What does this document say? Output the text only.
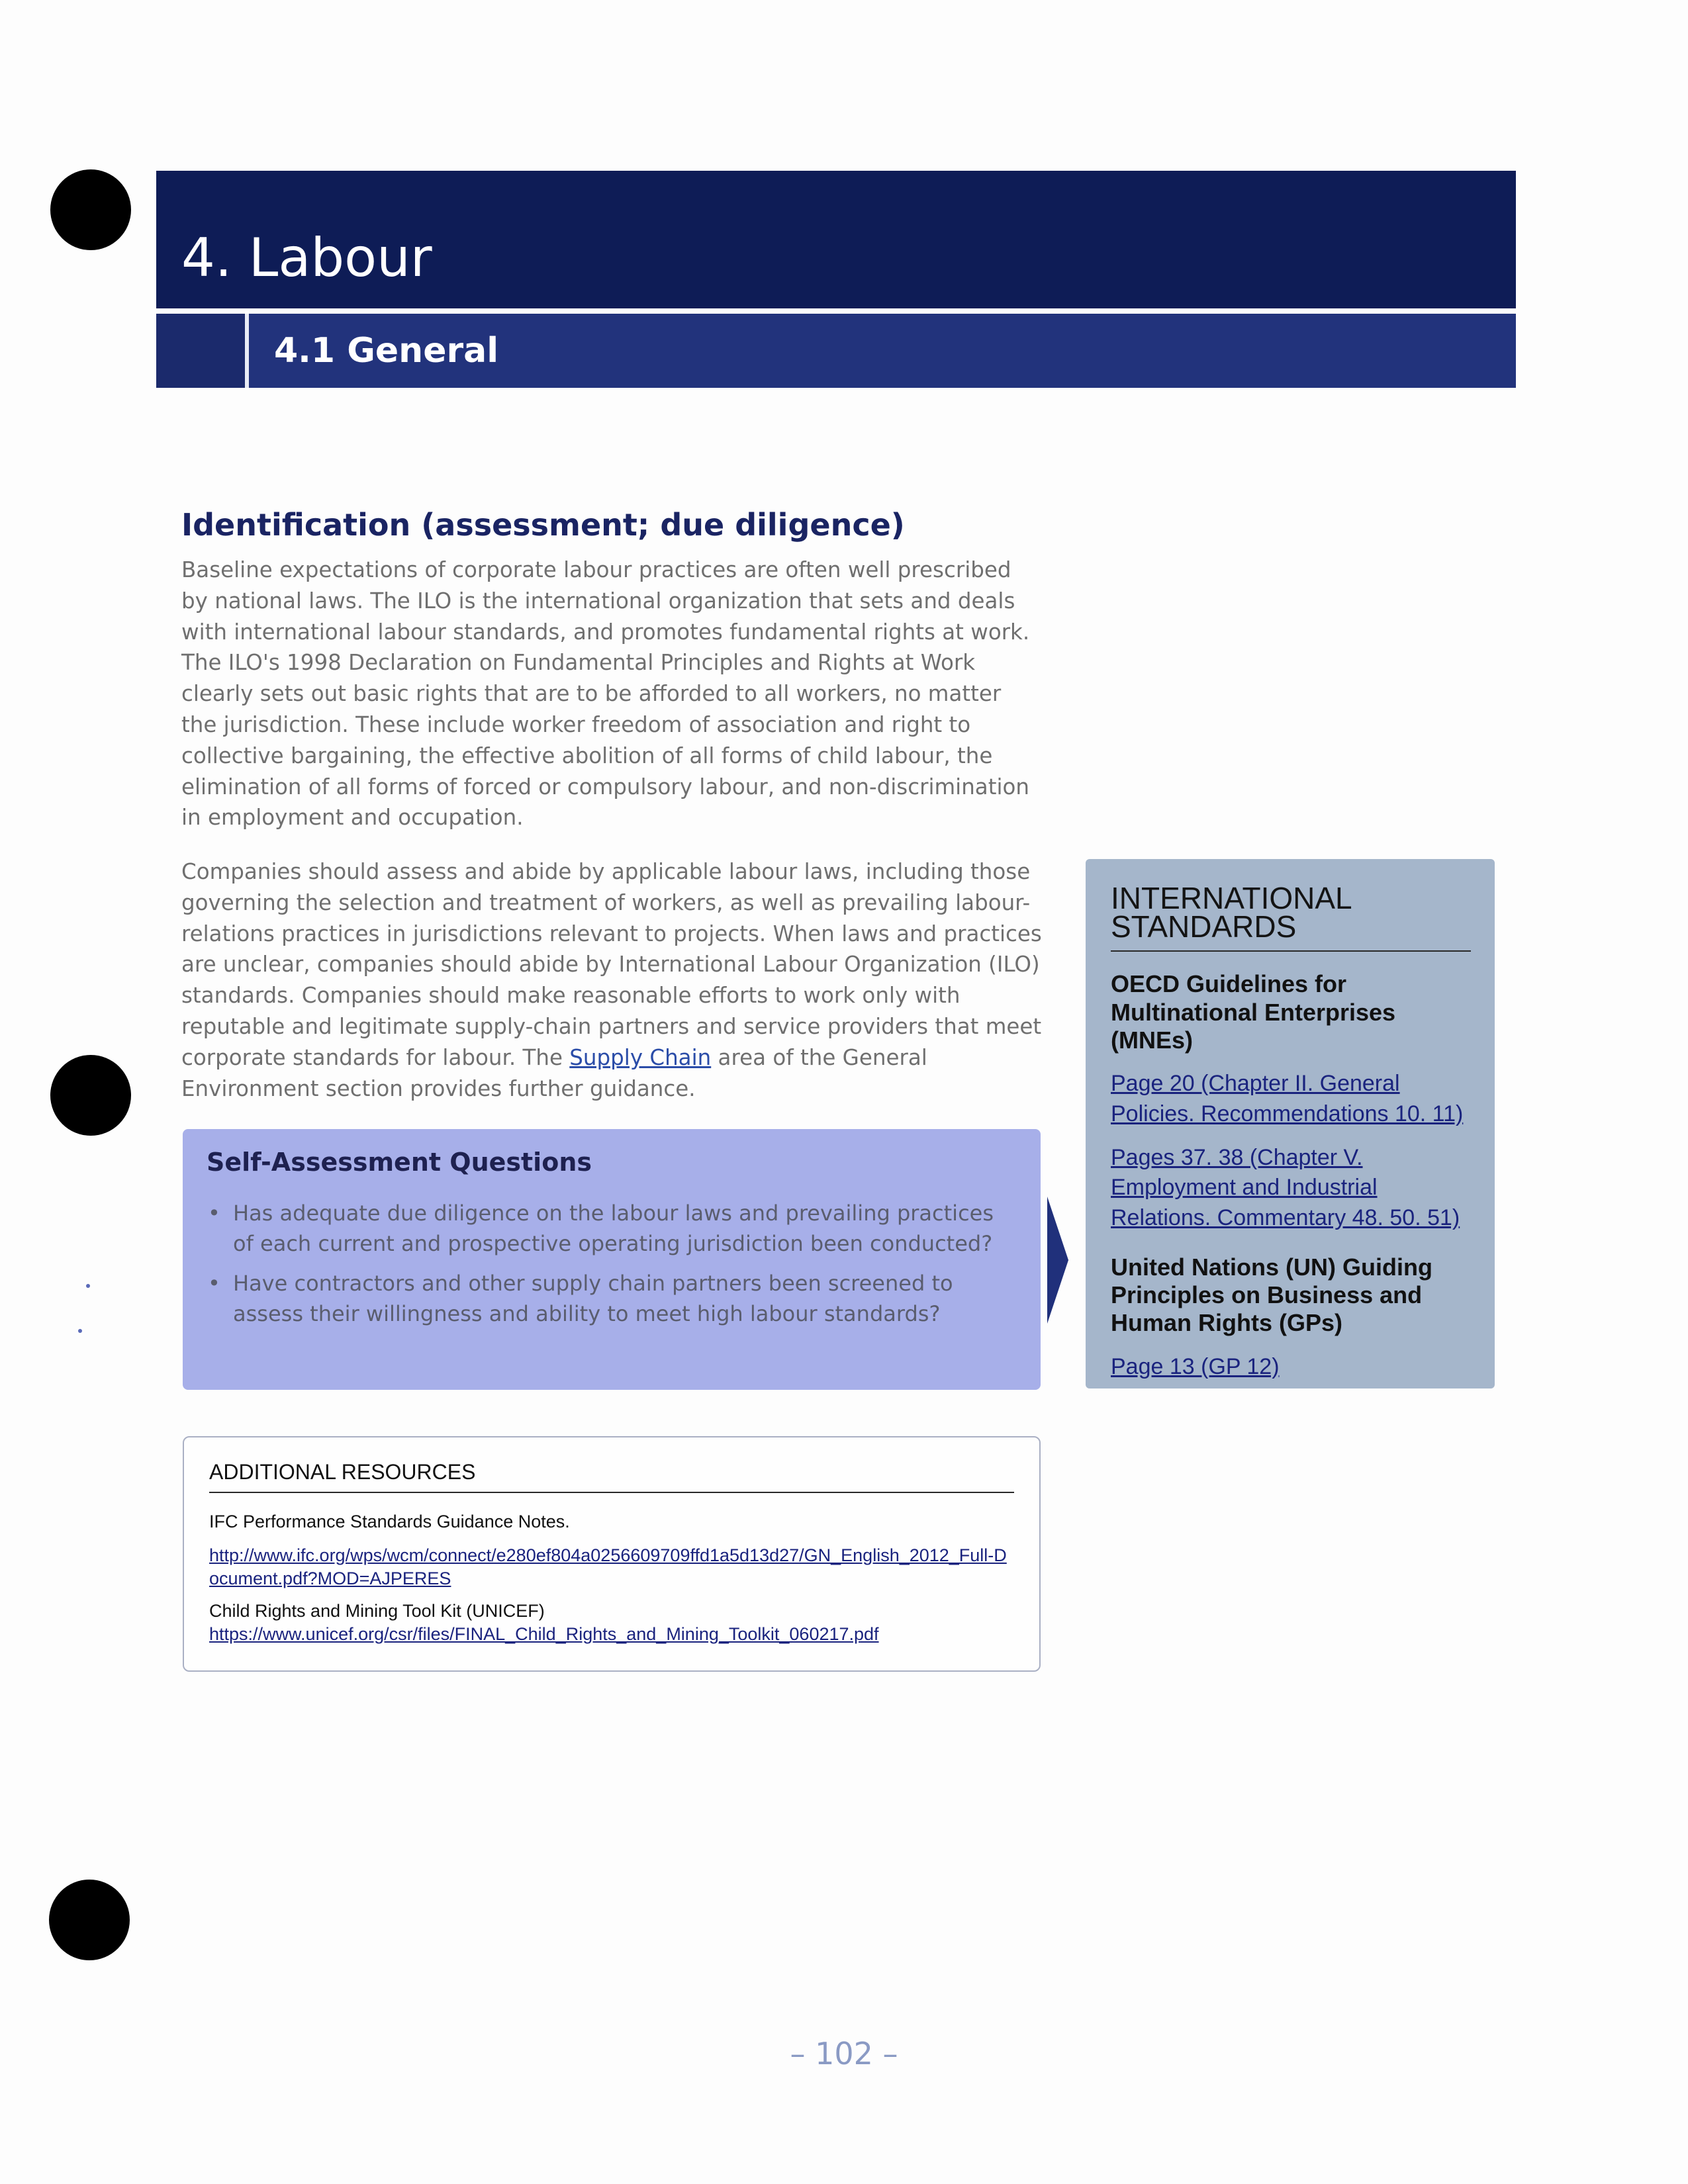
4. Labour
4.1 General
Identification (assessment; due diligence)

Baseline expectations of corporate labour practices are often well prescribed by national laws. The ILO is the international organization that sets and deals with international labour standards, and promotes fundamental rights at work. The ILO's 1998 Declaration on Fundamental Principles and Rights at Work clearly sets out basic rights that are to be afforded to all workers, no matter the jurisdiction. These include worker freedom of association and right to collective bargaining, the effective abolition of all forms of child labour, the elimination of all forms of forced or compulsory labour, and non-discrimination in employment and occupation.

Companies should assess and abide by applicable labour laws, including those governing the selection and treatment of workers, as well as prevailing labour-relations practices in jurisdictions relevant to projects. When laws and practices are unclear, companies should abide by International Labour Organization (ILO) standards. Companies should make reasonable efforts to work only with reputable and legitimate supply-chain partners and service providers that meet corporate standards for labour. The Supply Chain area of the General Environment section provides further guidance.

Self-Assessment Questions
• Has adequate due diligence on the labour laws and prevailing practices of each current and prospective operating jurisdiction been conducted?
• Have contractors and other supply chain partners been screened to assess their willingness and ability to meet high labour standards?
INTERNATIONAL STANDARDS
OECD Guidelines for Multinational Enterprises (MNEs)
Page 20 (Chapter II. General Policies. Recommendations 10. 11)
Pages 37. 38 (Chapter V. Employment and Industrial Relations. Commentary 48. 50. 51)
United Nations (UN) Guiding Principles on Business and Human Rights (GPs)
Page 13 (GP 12)
ADDITIONAL RESOURCES

IFC Performance Standards Guidance Notes.

http://www.ifc.org/wps/wcm/connect/e280ef804a0256609709ffd1a5d13d27/GN_English_2012_Full-Document.pdf?MOD=AJPERES

Child Rights and Mining Tool Kit (UNICEF)

https://www.unicef.org/csr/files/FINAL_Child_Rights_and_Mining_Toolkit_060217.pdf
– 102 –
